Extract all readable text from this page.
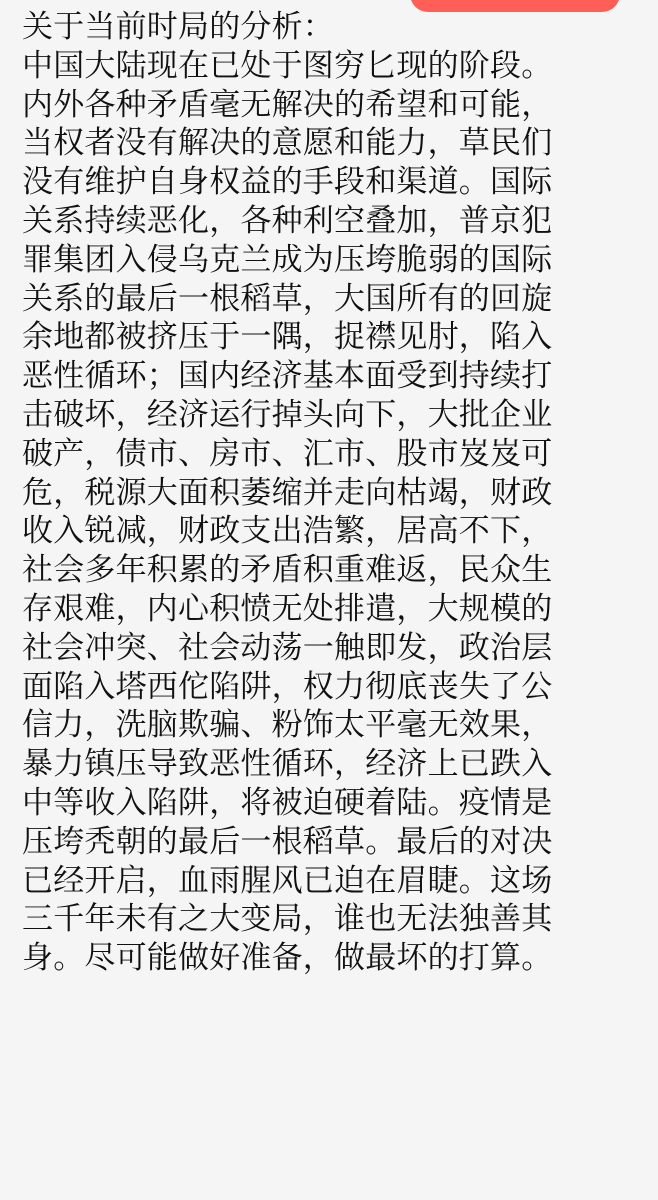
关于当前时局的分析：
中国大陆现在已处于图穷匕现的阶段。
内外各种矛盾毫无解决的希望和可能，
当权者没有解决的意愿和能力，草民们
没有维护自身权益的手段和渠道。国际
关系持续恶化，各种利空叠加，普京犯
罪集团入侵乌克兰成为压垮脆弱的国际
关系的最后一根稻草，大国所有的回旋
余地都被挤压于一隅，捉襟见肘，陷入
恶性循环；国内经济基本面受到持续打
击破坏，经济运行掉头向下，大批企业
破产，债市、房市、汇市、股市岌岌可
危，税源大面积萎缩并走向枯竭，财政
收入锐减，财政支出浩繁，居高不下，
社会多年积累的矛盾积重难返，民众生
存艰难，内心积愤无处排遣，大规模的
社会冲突、社会动荡一触即发，政治层
面陷入塔西佗陷阱，权力彻底丧失了公
信力，洗脑欺骗、粉饰太平毫无效果，
暴力镇压导致恶性循环，经济上已跌入
中等收入陷阱，将被迫硬着陆。疫情是
压垮秃朝的最后一根稻草。最后的对决
已经开启，血雨腥风已迫在眉睫。这场
三千年未有之大变局，谁也无法独善其
身。尽可能做好准备，做最坏的打算。
